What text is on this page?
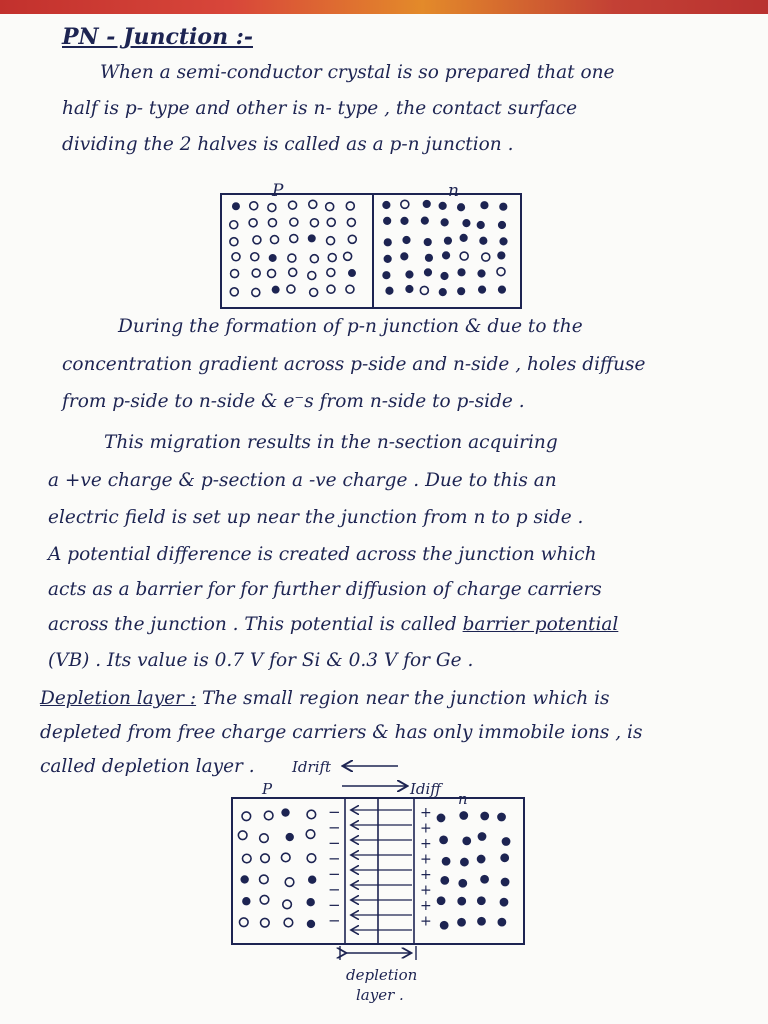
PN - Junction :-
When a semi-conductor crystal is so prepared that one
half is p- type and other is n- type , the contact surface
dividing the 2 halves is called as a p-n junction .
P	n
During the formation of p-n junction & due to the
concentration gradient across p-side and n-side , holes diffuse
from p-side to n-side & e⁻s from n-side to p-side .
This migration results in the n-section acquiring
a +ve charge & p-section a -ve charge . Due to this an
electric field is set up near the junction from n to p side .
A potential difference is created across the junction which
acts as a barrier for for further diffusion of charge carriers
across the junction . This potential is called barrier potential
(VB) . Its value is 0.7 V for Si & 0.3 V for Ge .
Depletion layer : The small region near the junction which is
depleted from free charge carriers & has only immobile ions , is
called depletion layer . Idrift
Idiff
P
n
−
−
−
−
−
−
−
−
+
+
+
+
+
+
+
+
depletion
layer .
